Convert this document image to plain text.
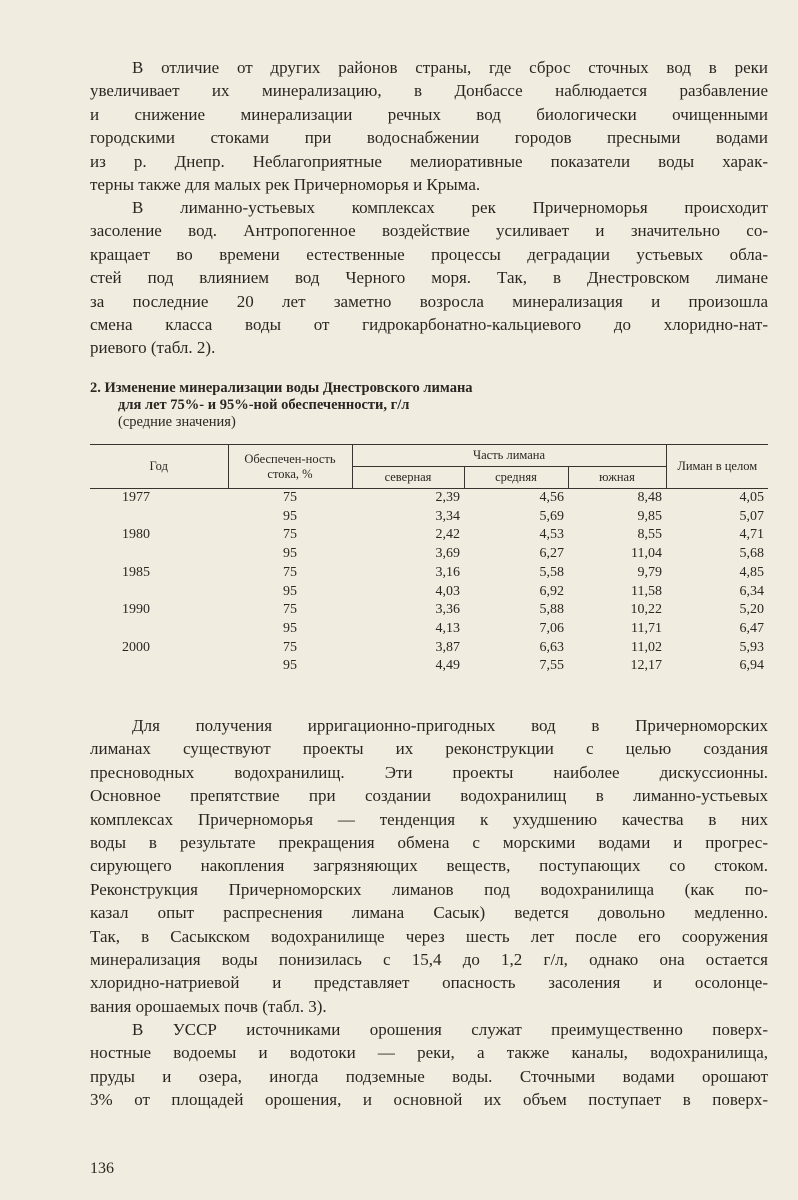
В отличие от других районов страны, где сброс сточных вод в реки
увеличивает их минерализацию, в Донбассе наблюдается разбавление
и снижение минерализации речных вод биологически очищенными
городскими стоками при водоснабжении городов пресными водами
из р. Днепр. Неблагоприятные мелиоративные показатели воды харак-
терны также для малых рек Причерноморья и Крыма.
В лиманно-устьевых комплексах рек Причерноморья происходит
засоление вод. Антропогенное воздействие усиливает и значительно со-
кращает во времени естественные процессы деградации устьевых обла-
стей под влиянием вод Черного моря. Так, в Днестровском лимане
за последние 20 лет заметно возросла минерализация и произошла
смена класса воды от гидрокарбонатно-кальциевого до хлоридно-нат-
риевого (табл. 2).
2. Изменение минерализации воды Днестровского лимана
для лет 75%- и 95%-ной обеспеченности, г/л
(средние значения)
Год	Обеспечен-ность стока, %	Часть лимана			Лиман в целом
		северная	средняя	южная	
1977	75	2,39	4,56	8,48	4,05
	95	3,34	5,69	9,85	5,07
1980	75	2,42	4,53	8,55	4,71
	95	3,69	6,27	11,04	5,68
1985	75	3,16	5,58	9,79	4,85
	95	4,03	6,92	11,58	6,34
1990	75	3,36	5,88	10,22	5,20
	95	4,13	7,06	11,71	6,47
2000	75	3,87	6,63	11,02	5,93
	95	4,49	7,55	12,17	6,94
Для получения ирригационно-пригодных вод в Причерноморских
лиманах существуют проекты их реконструкции с целью создания
пресноводных водохранилищ. Эти проекты наиболее дискуссионны.
Основное препятствие при создании водохранилищ в лиманно-устьевых
комплексах Причерноморья — тенденция к ухудшению качества в них
воды в результате прекращения обмена с морскими водами и прогрес-
сирующего накопления загрязняющих веществ, поступающих со стоком.
Реконструкция Причерноморских лиманов под водохранилища (как по-
казал опыт распреснения лимана Сасык) ведется довольно медленно.
Так, в Сасыкском водохранилище через шесть лет после его сооружения
минерализация воды понизилась с 15,4 до 1,2 г/л, однако она остается
хлоридно-натриевой и представляет опасность засоления и осолонце-
вания орошаемых почв (табл. 3).
В УССР источниками орошения служат преимущественно поверх-
ностные водоемы и водотоки — реки, а также каналы, водохранилища,
пруды и озера, иногда подземные воды. Сточными водами орошают
3% от площадей орошения, и основной их объем поступает в поверх-
136
